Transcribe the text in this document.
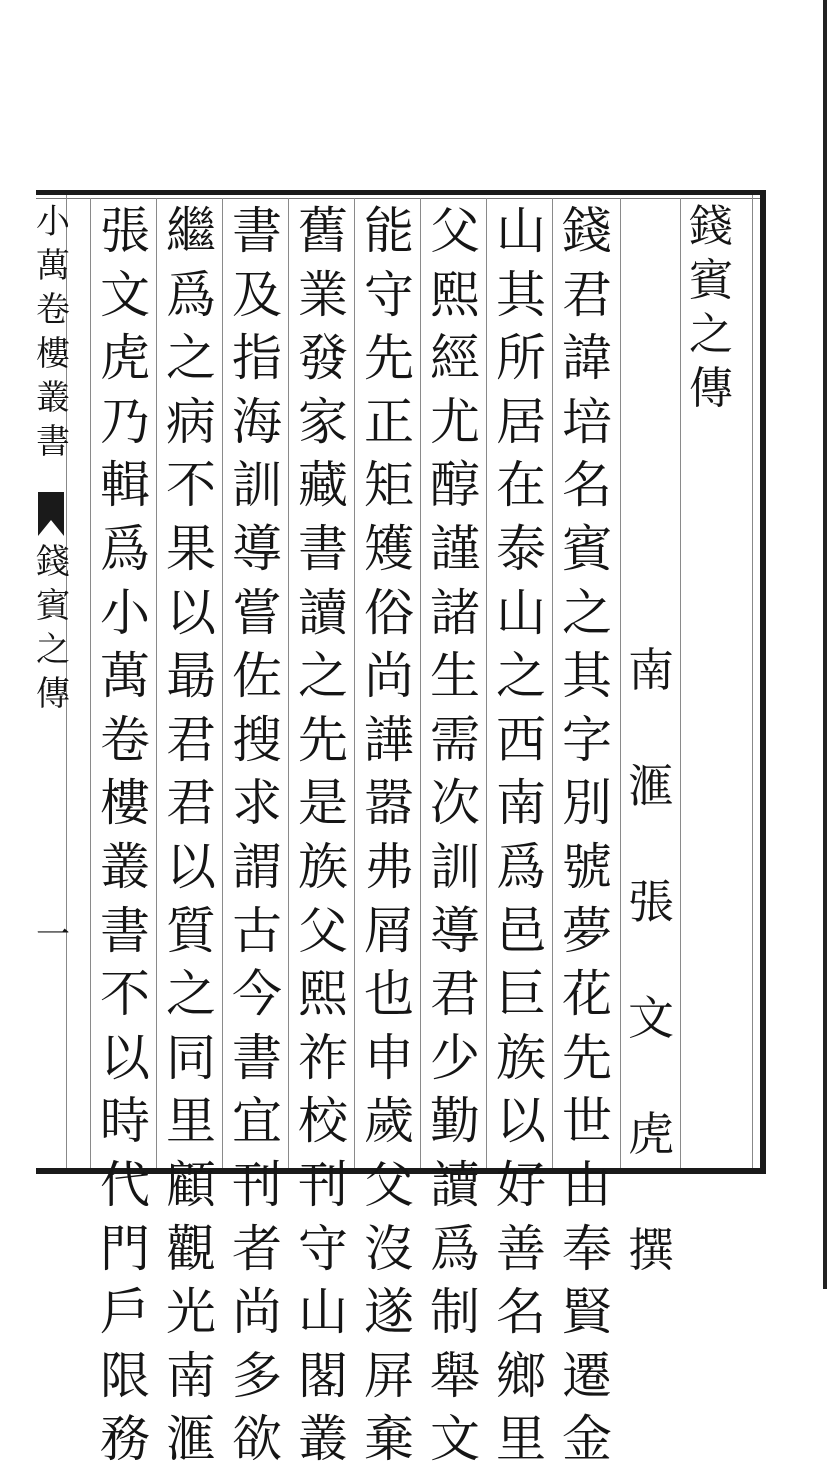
小
萬
卷
樓
叢
書
錢
賓
之
傳
一
錢
賓
之
傳
南
滙
張
文
虎
撰
錢
君
諱
培
名
賓
之
其
字
別
號
夢
花
先
世
由
奉
賢
遷
金
山
其
所
居
在
泰
山
之
西
南
爲
邑
巨
族
以
好
善
名
鄉
里
父
熙
經
尤
醇
謹
諸
生
需
次
訓
導
君
少
勤
讀
爲
制
舉
文
能
守
先
正
矩
矱
俗
尚
譁
嚣
弗
屑
也
申
歲
父
沒
遂
屏
棄
舊
業
發
家
藏
書
讀
之
先
是
族
父
熙
祚
校
刊
守
山
閣
叢
書
及
指
海
訓
導
嘗
佐
搜
求
謂
古
今
書
宜
刊
者
尚
多
欲
繼
爲
之
病
不
果
以
朂
君
君
以
質
之
同
里
顧
觀
光
南
滙
張
文
虎
乃
輯
爲
小
萬
卷
樓
叢
書
不
以
時
代
門
戶
限
務
